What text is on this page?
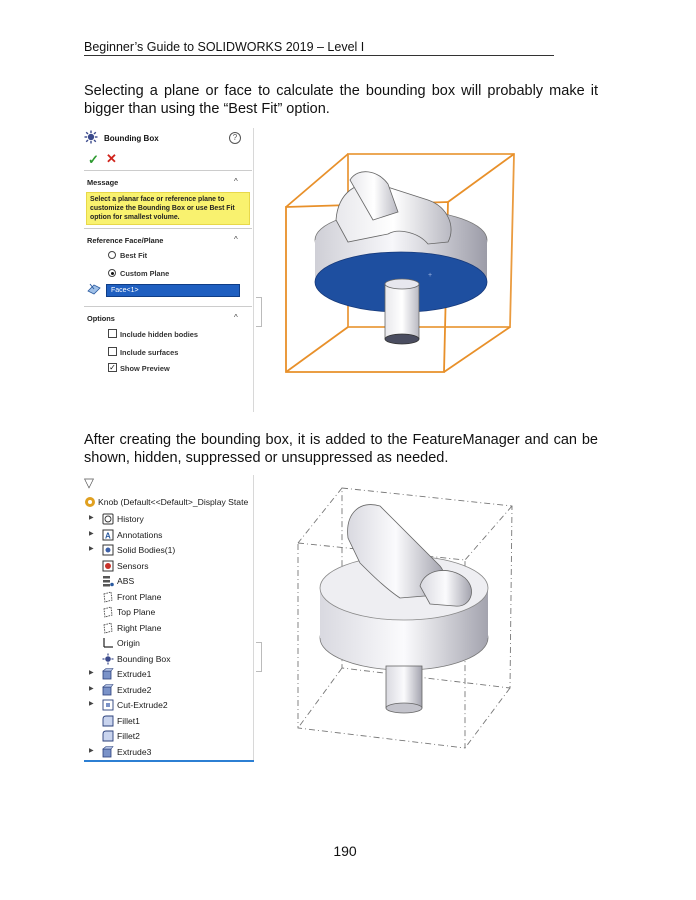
Beginner’s Guide to SOLIDWORKS 2019 – Level I

Selecting a plane or face to calculate the bounding box will probably make it bigger than using the “Best Fit” option.

Bounding Box	?
✓ ✕
Message	^
Select a planar face or reference plane to customize the Bounding Box or use Best Fit option for smallest volume.
Reference Face/Plane	^
Best Fit
Custom Plane
Face<1>
Options	^
Include hidden bodies
Include surfaces
✓ Show Preview
+

After creating the bounding box, it is added to the FeatureManager and can be shown, hidden, suppressed or unsuppressed as needed.

▽
Knob (Default<<Default>_Display State
▶	History
▶ A Annotations
▶	Solid Bodies(1)
Sensors
ABS
Front Plane
Top Plane
Right Plane
Origin
Bounding Box
▶	Extrude1
▶	Extrude2
▶	Cut-Extrude2
Fillet1
Fillet2
▶	Extrude3
190
